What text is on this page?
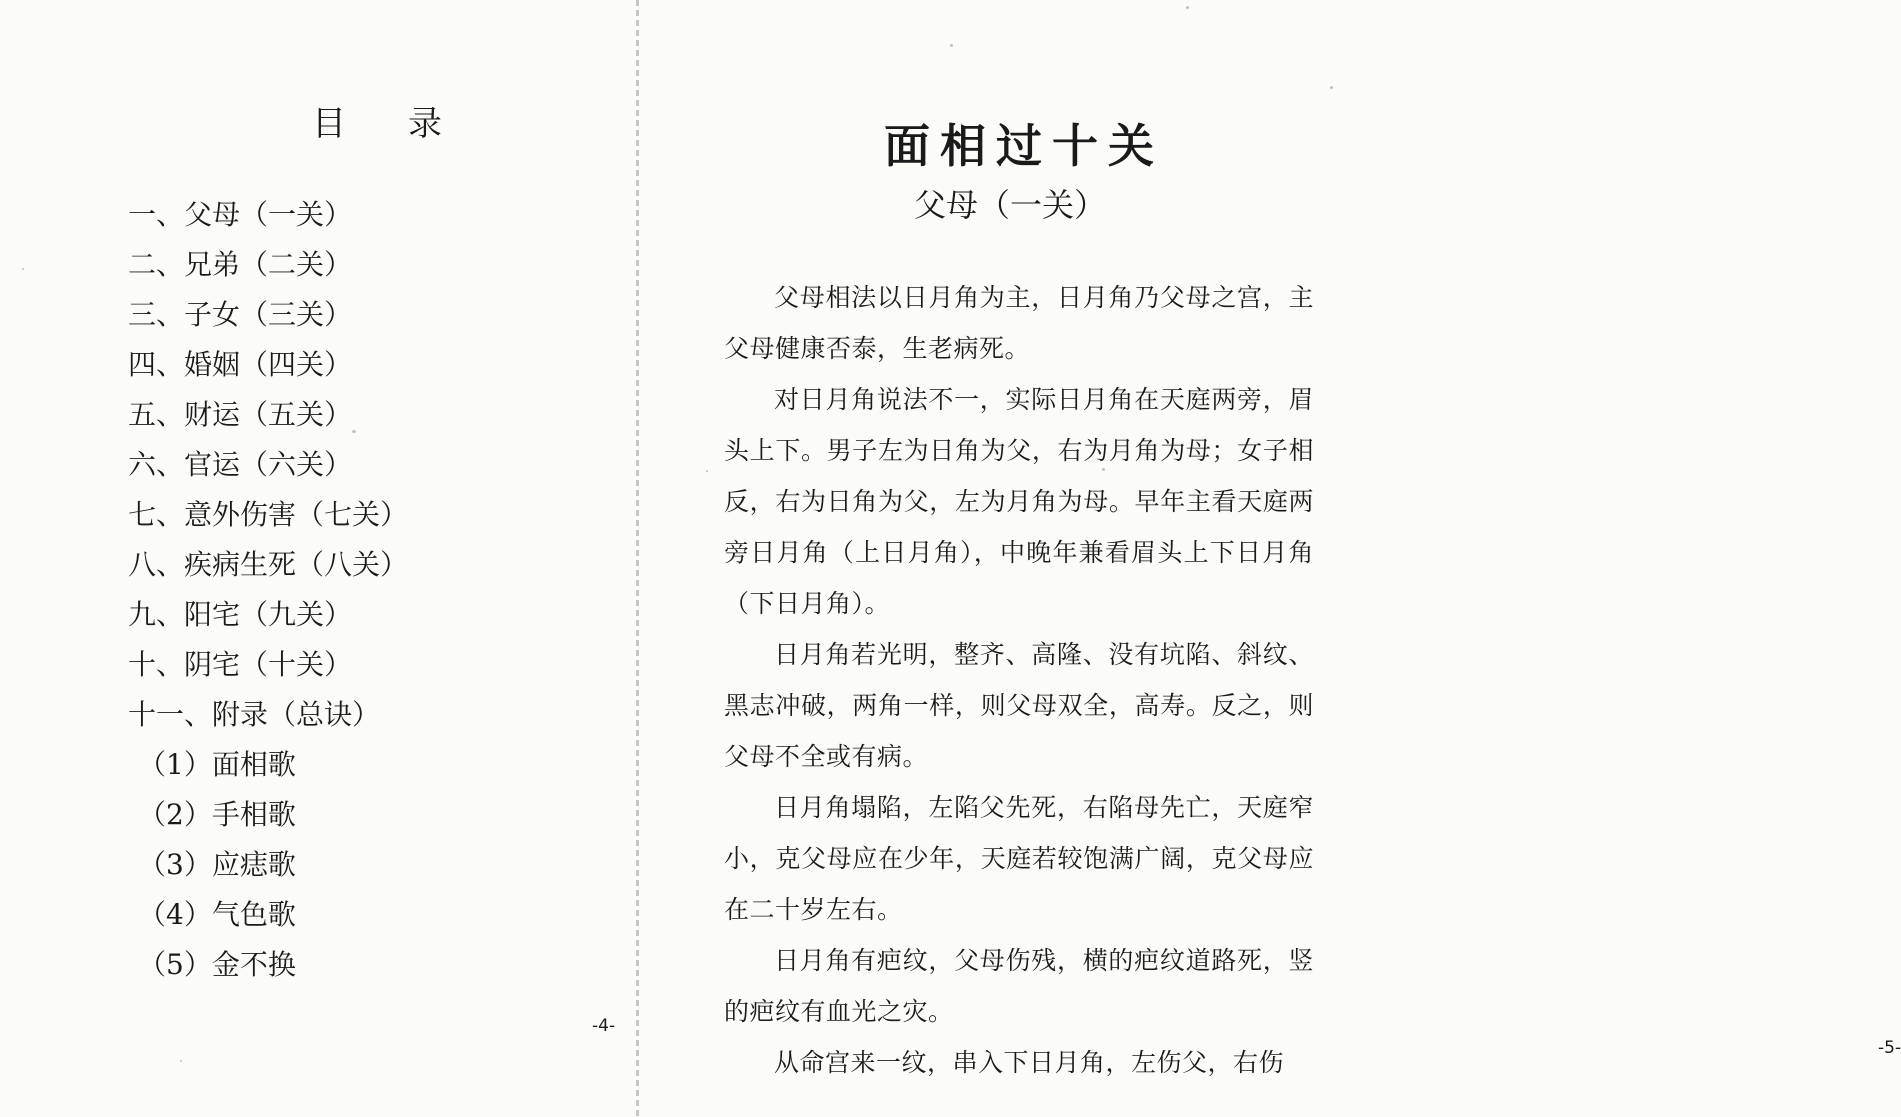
目录
一、父母（一关）
二、兄弟（二关）
三、子女（三关）
四、婚姻（四关）
五、财运（五关）
六、官运（六关）
七、意外伤害（七关）
八、疾病生死（八关）
九、阳宅（九关）
十、阴宅（十关）
十一、附录（总诀）
（1）面相歌
（2）手相歌
（3）应痣歌
（4）气色歌
（5）金不换
-4-
面相过十关
父母（一关）

父母相法以日月角为主，日月角乃父母之宫，主父母健康否泰，生老病死。

对日月角说法不一，实际日月角在天庭两旁，眉头上下。男子左为日角为父，右为月角为母；女子相反，右为日角为父，左为月角为母。早年主看天庭两旁日月角（上日月角），中晚年兼看眉头上下日月角（下日月角）。

日月角若光明，整齐、高隆、没有坑陷、斜纹、黑志冲破，两角一样，则父母双全，高寿。反之，则父母不全或有病。

日月角塌陷，左陷父先死，右陷母先亡，天庭窄小，克父母应在少年，天庭若较饱满广阔，克父母应在二十岁左右。

日月角有疤纹，父母伤残，横的疤纹道路死，竖的疤纹有血光之灾。

从命宫来一纹，串入下日月角，左伤父，右伤	-5-
